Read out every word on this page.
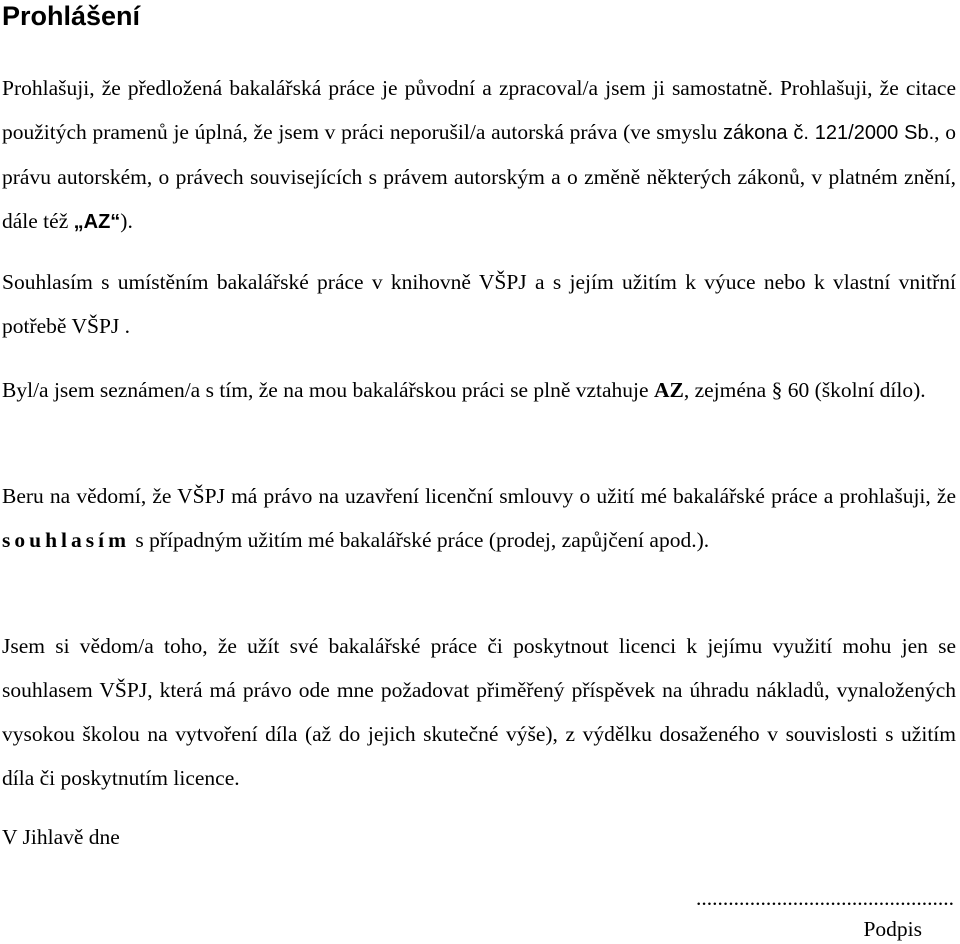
Prohlášení

Prohlašuji, že předložená bakalářská práce je původní a zpracoval/a jsem ji samostatně. Prohlašuji, že citace použitých pramenů je úplná, že jsem v práci neporušil/a autorská práva (ve smyslu zákona č. 121/2000 Sb., o právu autorském, o právech souvisejících s právem autorským a o změně některých zákonů, v platném znění, dále též „AZ“).

Souhlasím s umístěním bakalářské práce v knihovně VŠPJ a s jejím užitím k výuce nebo k vlastní vnitřní potřebě VŠPJ .

Byl/a jsem seznámen/a s tím, že na mou bakalářskou práci se plně vztahuje AZ, zejména § 60 (školní dílo).

Beru na vědomí, že VŠPJ má právo na uzavření licenční smlouvy o užití mé bakalářské práce a prohlašuji, že souhlasím s případným užitím mé bakalářské práce (prodej, zapůjčení apod.).

Jsem si vědom/a toho, že užít své bakalářské práce či poskytnout licenci k jejímu využití mohu jen se souhlasem VŠPJ, která má právo ode mne požadovat přiměřený příspěvek na úhradu nákladů, vynaložených vysokou školou na vytvoření díla (až do jejich skutečné výše), z výdělku dosaženého v souvislosti s užitím díla či poskytnutím licence.

V Jihlavě dne

................................................
Podpis
